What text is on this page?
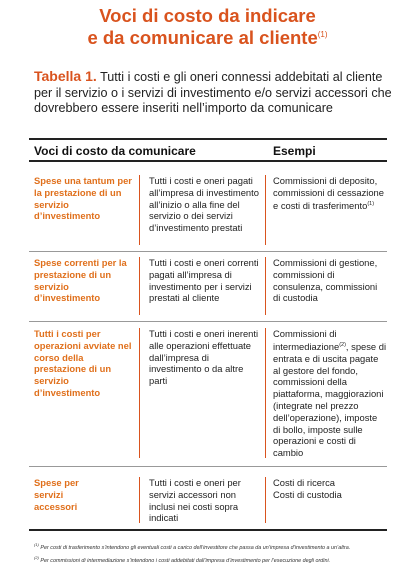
Voci di costo da indicare
e da comunicare al cliente$^{(1)}$
Tabella 1. Tutti i costi e gli oneri connessi addebitati al cliente per il servizio o i servizi di investimento e/o servizi accessori che dovrebbero essere inseriti nell’importo da comunicare
Voci di costo da comunicare	Esempi
Spese una tantum per la prestazione di un servizio d’investimento
Tutti i costi e oneri pagati all’impresa di investimento all’inizio o alla fine del servizio o dei servizi d’investimento prestati
Commissioni di deposito, commissioni di cessazione e costi di trasferimento$^{(1)}$
Spese correnti per la prestazione di un servizio d’investimento
Tutti i costi e oneri correnti pagati all’impresa di investimento per i servizi prestati al cliente
Commissioni di gestione, commissioni di consulenza, commissioni di custodia
Tutti i costi per operazioni avviate nel corso della prestazione di un servizio d’investimento
Tutti i costi e oneri inerenti alle operazioni effettuate dall’impresa di investimento o da altre parti
Commissioni di intermediazione$^{(2)}$, spese di entrata e di uscita pagate al gestore del fondo, commissioni della piattaforma, maggiorazioni (integrate nel prezzo dell’operazione), imposte di bollo, imposte sulle operazioni e costi di cambio
Spese per servizi accessori
Tutti i costi e oneri per servizi accessori non inclusi nei costi sopra indicati
Costi di ricerca Costi di custodia
$^{(1)}$ Per costi di trasferimento s’intendono gli eventuali costi a carico dell’investitore che passa da un’impresa d’investimento a un’altra.
$^{(2)}$ Per commissioni di intermediazione s’intendono i costi addebitati dall’impresa d’investimento per l’esecuzione degli ordini.
